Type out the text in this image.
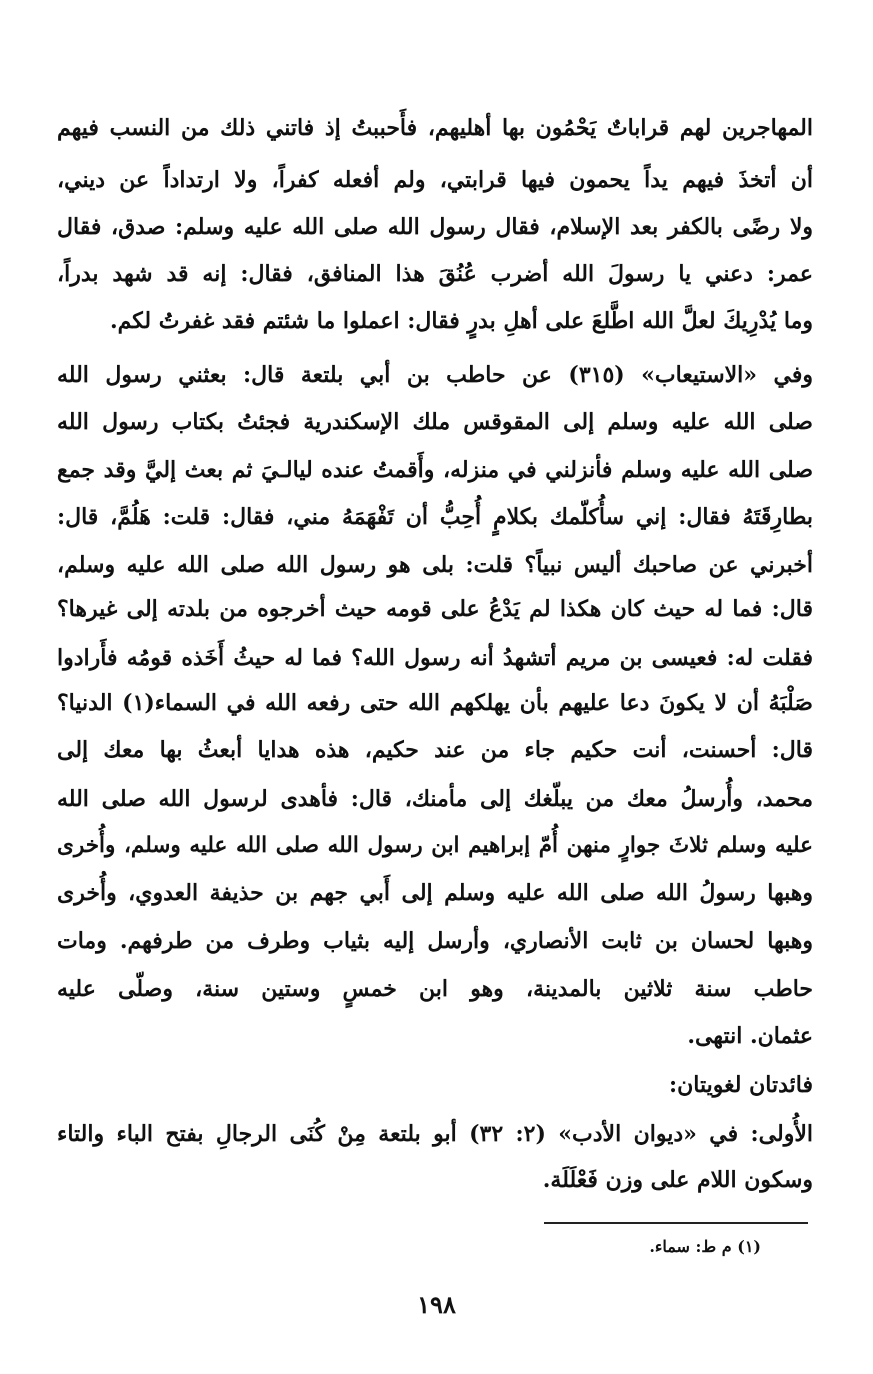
المهاجرين لهم قراباتٌ يَحْمُون بها أهليهم، فأَحببتُ إذ فاتني ذلك من النسب فيهم
أن أتخذَ فيهم يداً يحمون فيها قرابتي، ولم أفعله كفراً، ولا ارتداداً عن ديني،
ولا رضًى بالكفر بعد الإسلام، فقال رسول الله صلى الله عليه وسلم: صدق، فقال
عمر: دعني يا رسولَ الله أضرب عُنُقَ هذا المنافق، فقال: إنه قد شهد بدراً،
وما يُدْرِيكَ لعلَّ الله اطَّلعَ على أهلِ بدرٍ فقال: اعملوا ما شئتم فقد غفرتُ لكم.
وفي «الاستيعاب» (٣١٥) عن حاطب بن أبي بلتعة قال: بعثني رسول الله
صلى الله عليه وسلم إلى المقوقس ملك الإسكندرية فجئتُ بكتاب رسول الله
صلى الله عليه وسلم فأنزلني في منزله، وأَقمتُ عنده ليالـيَ ثم بعث إليَّ وقد جمع
بطارِقَتَهُ فقال: إني سأُكلّمك بكلامٍ أُحِبُّ أن تَفْهَمَهُ مني، فقال: قلت: هَلُمَّ، قال:
أخبرني عن صاحبك أليس نبياً؟ قلت: بلى هو رسول الله صلى الله عليه وسلم،
قال: فما له حيث كان هكذا لم يَدْعُ على قومه حيث أخرجوه من بلدته إلى غيرها؟
فقلت له: فعيسى بن مريم أتشهدُ أنه رسول الله؟ فما له حيثُ أَخَذه قومُه فأَرادوا
صَلْبَهُ أن لا يكونَ دعا عليهم بأن يهلكهم الله حتى رفعه الله في السماء(١) الدنيا؟
قال: أحسنت، أنت حكيم جاء من عند حكيم، هذه هدايا أبعثُ بها معك إلى
محمد، وأُرسلُ معك من يبلّغك إلى مأمنك، قال: فأهدى لرسول الله صلى الله
عليه وسلم ثلاثَ جوارٍ منهن أُمّ إبراهيم ابن رسول الله صلى الله عليه وسلم، وأُخرى
وهبها رسولُ الله صلى الله عليه وسلم إلى أَبي جهم بن حذيفة العدوي، وأُخرى
وهبها لحسان بن ثابت الأنصاري، وأرسل إليه بثياب وطرف من طرفهم. ومات
حاطب سنة ثلاثين بالمدينة، وهو ابن خمسٍ وستين سنة، وصلّى عليه
عثمان. انتهى.
فائدتان لغويتان:
الأُولى: في «ديوان الأدب» (٢: ٣٢) أبو بلتعة مِنْ كُنَى الرجالِ بفتح الباء والتاء
وسكون اللام على وزن فَعْلَلَة.
(١) م ط: سماء.
١٩٨
